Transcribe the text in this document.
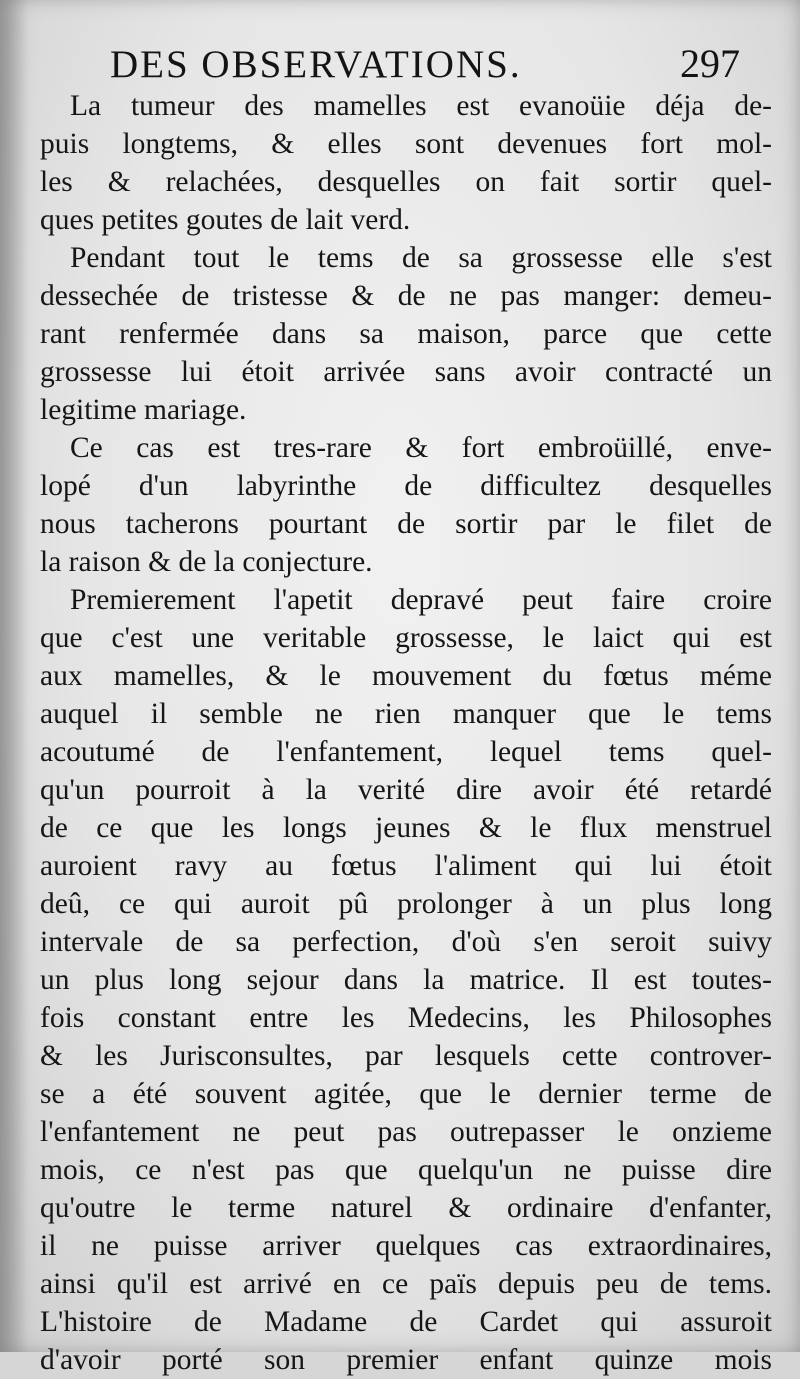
DES OBSERVATIONS.	297
La tumeur des mamelles est evanoüie déja de-
puis longtems, & elles sont devenues fort mol-
les & relachées, desquelles on fait sortir quel-
ques petites goutes de lait verd.
Pendant tout le tems de sa grossesse elle s'est
dessechée de tristesse & de ne pas manger: demeu-
rant renfermée dans sa maison, parce que cette
grossesse lui étoit arrivée sans avoir contracté un
legitime mariage.
Ce cas est tres-rare & fort embroüillé, enve-
lopé d'un labyrinthe de difficultez desquelles
nous tacherons pourtant de sortir par le filet de
la raison & de la conjecture.
Premierement l'apetit depravé peut faire croire
que c'est une veritable grossesse, le laict qui est
aux mamelles, & le mouvement du fœtus méme
auquel il semble ne rien manquer que le tems
acoutumé de l'enfantement, lequel tems quel-
qu'un pourroit à la verité dire avoir été retardé
de ce que les longs jeunes & le flux menstruel
auroient ravy au fœtus l'aliment qui lui étoit
deû, ce qui auroit pû prolonger à un plus long
intervale de sa perfection, d'où s'en seroit suivy
un plus long sejour dans la matrice. Il est toutes-
fois constant entre les Medecins, les Philosophes
& les Jurisconsultes, par lesquels cette controver-
se a été souvent agitée, que le dernier terme de
l'enfantement ne peut pas outrepasser le onzieme
mois, ce n'est pas que quelqu'un ne puisse dire
qu'outre le terme naturel & ordinaire d'enfanter,
il ne puisse arriver quelques cas extraordinaires,
ainsi qu'il est arrivé en ce païs depuis peu de tems.
L'histoire de Madame de Cardet qui assuroit
d'avoir porté son premier enfant quinze mois
